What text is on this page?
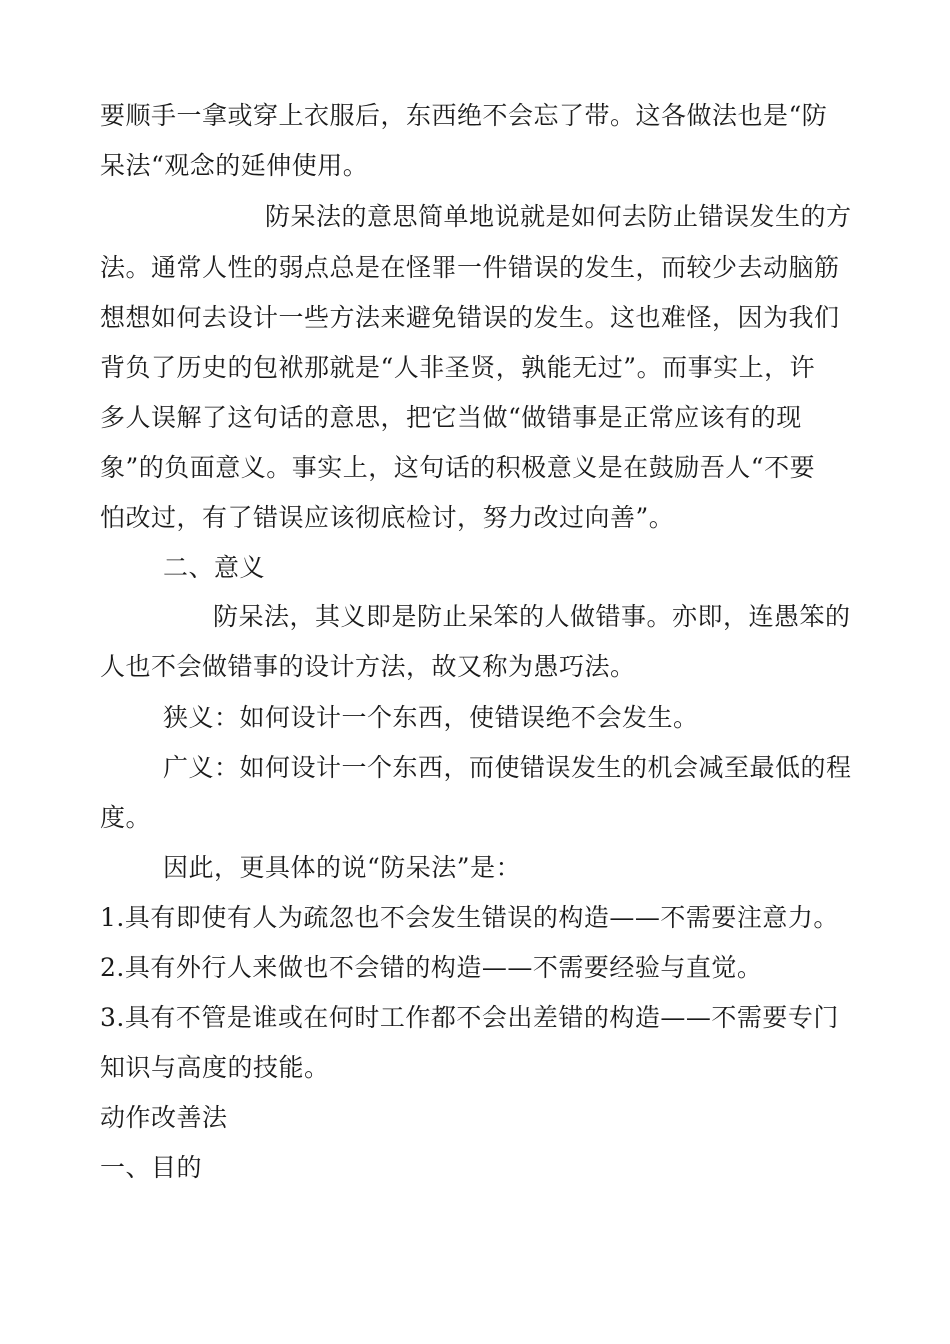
要顺手一拿或穿上衣服后，东西绝不会忘了带。这各做法也是“防
呆法“观念的延伸使用。
防呆法的意思简单地说就是如何去防止错误发生的方
法。通常人性的弱点总是在怪罪一件错误的发生，而较少去动脑筋
想想如何去设计一些方法来避免错误的发生。这也难怪，因为我们
背负了历史的包袱那就是“人非圣贤，孰能无过”。而事实上，许
多人误解了这句话的意思，把它当做“做错事是正常应该有的现
象”的负面意义。事实上，这句话的积极意义是在鼓励吾人“不要
怕改过，有了错误应该彻底检讨，努力改过向善”。
二、意义
防呆法，其义即是防止呆笨的人做错事。亦即，连愚笨的
人也不会做错事的设计方法，故又称为愚巧法。
狭义：如何设计一个东西，使错误绝不会发生。
广义：如何设计一个东西，而使错误发生的机会减至最低的程
度。
因此，更具体的说“防呆法”是：
1.具有即使有人为疏忽也不会发生错误的构造——不需要注意力。
2.具有外行人来做也不会错的构造——不需要经验与直觉。
3.具有不管是谁或在何时工作都不会出差错的构造——不需要专门
知识与高度的技能。
动作改善法
一、目的
